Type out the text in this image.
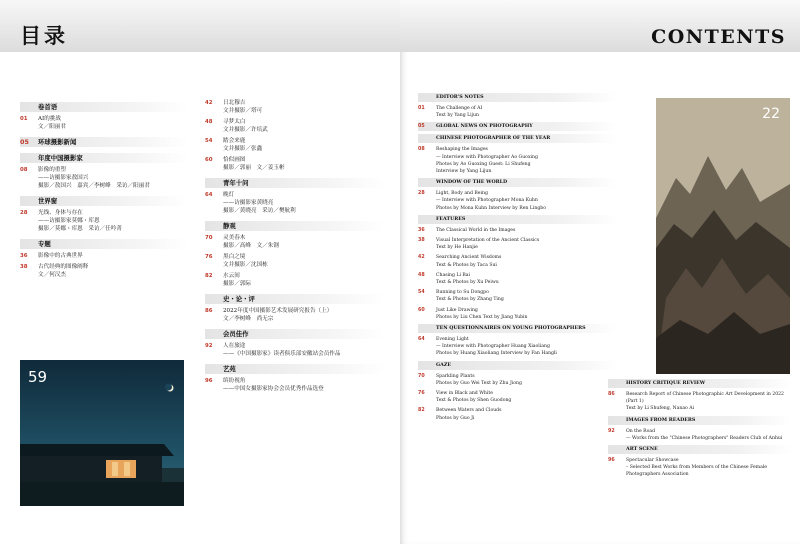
目录
卷首语
01 AI的挑战
文／阳丽君
05 环球摄影新闻
年度中国摄影家
08 影像的重塑
——访摄影家敖国兴
摄影／敖国兴　嘉宾／李树峰　采访／阳丽君
世界窗
28 光线、身体与存在
——访摄影家莫娜・库恩
摄影／莫娜・库恩　采访／任吟菁
专题
36 影像中的古典世界
38 古代经典的图像阐释
文／何汉杰
42 日北穆吉
文并摄影／塔可
48 寻梦太白
文并摄影／许培武
54 踏会来鹿
文并摄影／张鑫
60 恰似画图
摄影／郭丽　文／姜玉彬
青年十问
64 晚灯
——访摄影家黄晓亮
摄影／黄晓亮　采访／樊航利
静观
70 灵美春木
摄影／高峰　文／朱钢
76 黑白之境
文并摄影／沈国栋
82 水云间
摄影／郭际
史・论・评
86 2022年度中国摄影艺术发展研究报告（上）
文／李树峰　尚无宗
会员佳作
92 人在旅途
——《中国摄影家》读者俱乐部安徽站会员作品
艺苑
96 缤纷视角
——中国女摄影家协会会员优秀作品选登
59
CONTENTS
EDITOR'S NOTES
01 The Challenge of AI
Text by Yang Lijun
05 GLOBAL NEWS ON PHOTOGRAPHY
CHINESE PHOTOGRAPHER OF THE YEAR
08 Reshaping the Images
— Interview with Photographer Ao Guoxing
Photos by Ao Guoxing Guest: Li Shufeng
Interview by Yang Lijun
WINDOW OF THE WORLD
28 Light, Body and Being
— Interview with Photographer Mona Kuhn
Photos by Mona Kuhn Interview by Ren Lingbo
FEATURES
36 The Classical World in the Images
38 Visual Interpretation of the Ancient Classics
Text by He Hanjie
42 Searching Ancient Wisdoms
Text & Photos by Taca Sui
48 Chasing Li Bai
Text & Photos by Xu Peiwu
54 Running to Su Dongpo
Text & Photos by Zhang Ting
60 Just Like Drawing
Photos by Liu Chen Text by Jiang Yubin
TEN QUESTIONNAIRES ON YOUNG PHOTOGRAPHERS
64 Evening Light
— Interview with Photographer Huang Xiaoliang
Photos by Huang Xiaoliang Interview by Fan Hangli
GAZE
70 Sparkling Plants
Photos by Guo Wei Text by Zhu Jiong
76 View in Black and White
Text & Photos by Shen Guodong
82 Between Waters and Clouds
Photos by Guo Ji
HISTORY CRITIQUE REVIEW
86 Research Report of Chinese Photographic Art Development in 2022
(Part 1)
Text by Li Shufeng, Nanao Ai
IMAGES FROM READERS
92 On the Road
— Works from the "Chinese Photographers" Readers Club of Anhui
ART SCENE
96 Spectacular Showcase
– Selected Best Works from Members of the Chinese Female
Photographers Association
22
